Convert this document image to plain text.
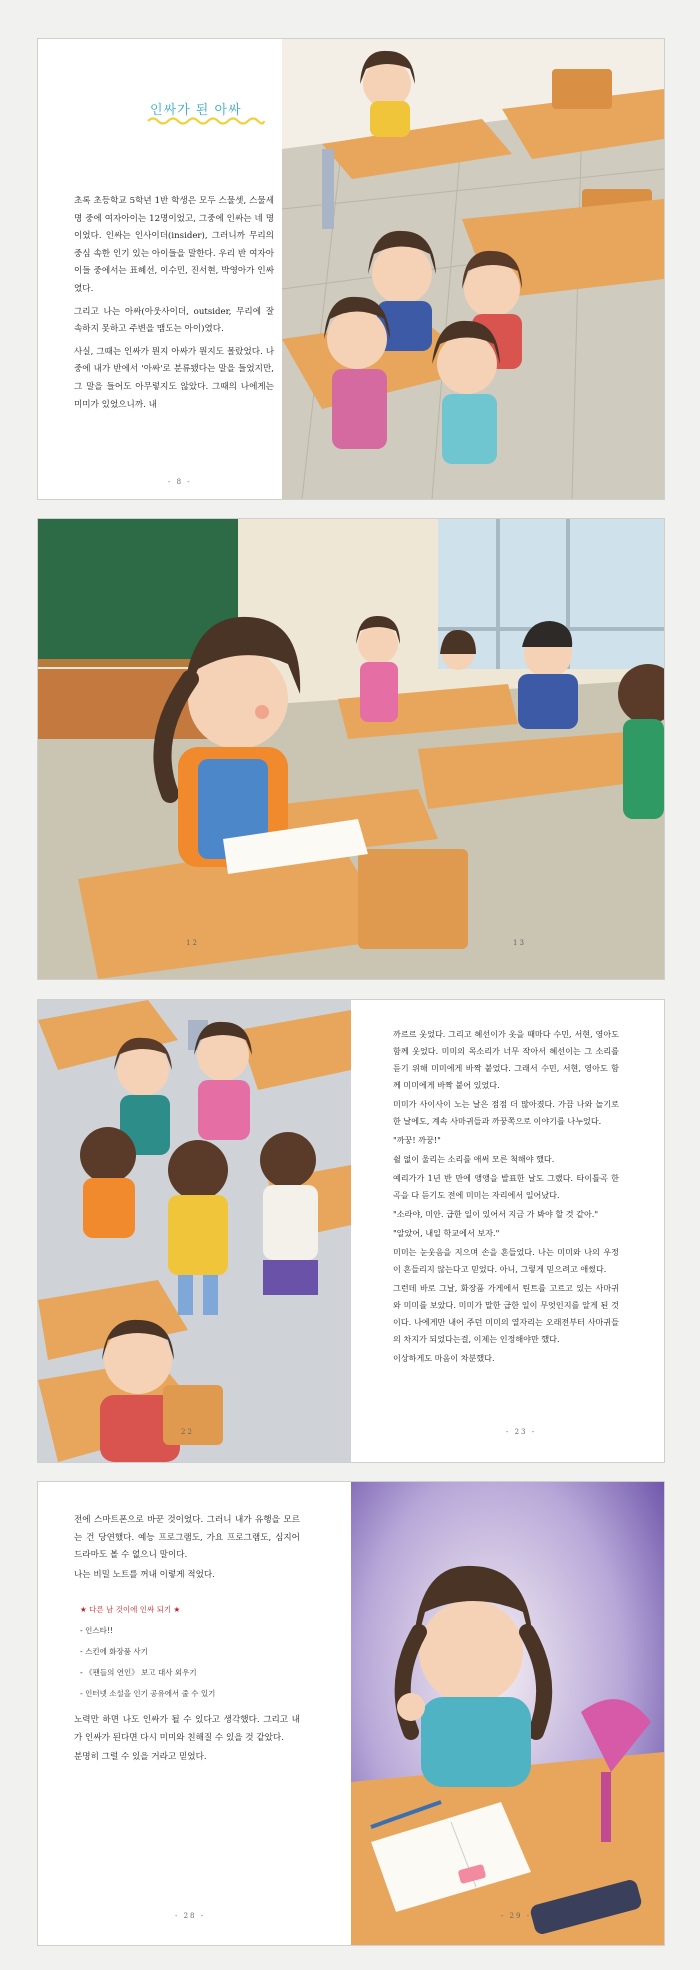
인싸가 된 아싸

초록 초등학교 5학년 1반 학생은 모두 스물셋, 스물세 명 중에 여자아이는 12명이었고, 그중에 인싸는 네 명이었다. 인싸는 인사이더(insider), 그러니까 무리의 중심 속한 인기 있는 아이들을 말한다. 우리 반 여자아이들 중에서는 표혜선, 이수민, 진서현, 박영아가 인싸였다.

그리고 나는 아싸(아웃사이더, outsider, 무리에 잘 속하지 못하고 주변을 맴도는 아이)였다.

사실, 그때는 인싸가 뭔지 아싸가 뭔지도 몰랐었다. 나중에 내가 반에서 '아싸'로 분류됐다는 말을 들었지만, 그 말을 들어도 아무렇지도 않았다. 그때의 나에게는 미미가 있었으니까. 내

- 8 -
12	13
22

까르르 웃었다. 그리고 혜선이가 옷을 때마다 수민, 서현, 영아도 함께 웃었다. 미미의 목소리가 너무 작아서 혜선이는 그 소리를 듣기 위해 미미에게 바짝 붙었다. 그래서 수민, 서현, 영아도 함께 미미에게 바짝 붙어 있었다.

미미가 사이사이 노는 날은 점점 더 많아졌다. 가끔 나와 놀기로 한 날에도, 계속 사마귀들과 까꿍쪽으로 이야기를 나누었다.

"까꿍! 까꿍!"

쉴 없이 울리는 소리를 애써 모른 척해야 했다.

예리가가 1년 반 만에 앵앵을 발표한 날도 그랬다. 타이틀곡 한 곡을 다 듣기도 전에 미미는 자리에서 일어났다.

"소라야, 미안. 급한 일이 있어서 지금 가 봐야 할 것 같아."

"알았어, 내일 학교에서 보자."

미미는 눈웃음을 지으며 손을 흔들었다. 나는 미미와 나의 우정이 흔들리지 않는다고 믿었다. 아니, 그렇게 믿으려고 애썼다.

그런데 바로 그날, 화장품 가게에서 틴트를 고르고 있는 사마귀와 미미를 보았다. 미미가 말한 급한 일이 무엇인지를 알게 된 것이다. 나에게만 내어 주던 미미의 열자리는 오래전부터 사마귀들의 차지가 되었다는걸, 이제는 인정해야만 했다.

이상하게도 마음이 차분했다.

- 23 -

전에 스마트폰으로 바꾼 것이었다. 그러니 내가 유행을 모르는 건 당연했다. 예능 프로그램도, 가요 프로그램도, 심지어 드라마도 볼 수 없으니 말이다.

나는 비밀 노트를 꺼내 이렇게 적었다.

★ 다른 남 것이에 인싸 되기 ★
- 인스타!!
- 스킨에 화장품 사기
- 《팬들의 연인》 보고 대사 외우기
- 인터넷 소설을 인기 공유에서 줄 수 있기

노력만 하면 나도 인싸가 될 수 있다고 생각했다. 그리고 내가 인싸가 된다면 다시 미미와 친해질 수 있을 것 같았다.

분명히 그럴 수 있을 거라고 믿었다.

- 28 -	- 29 -
